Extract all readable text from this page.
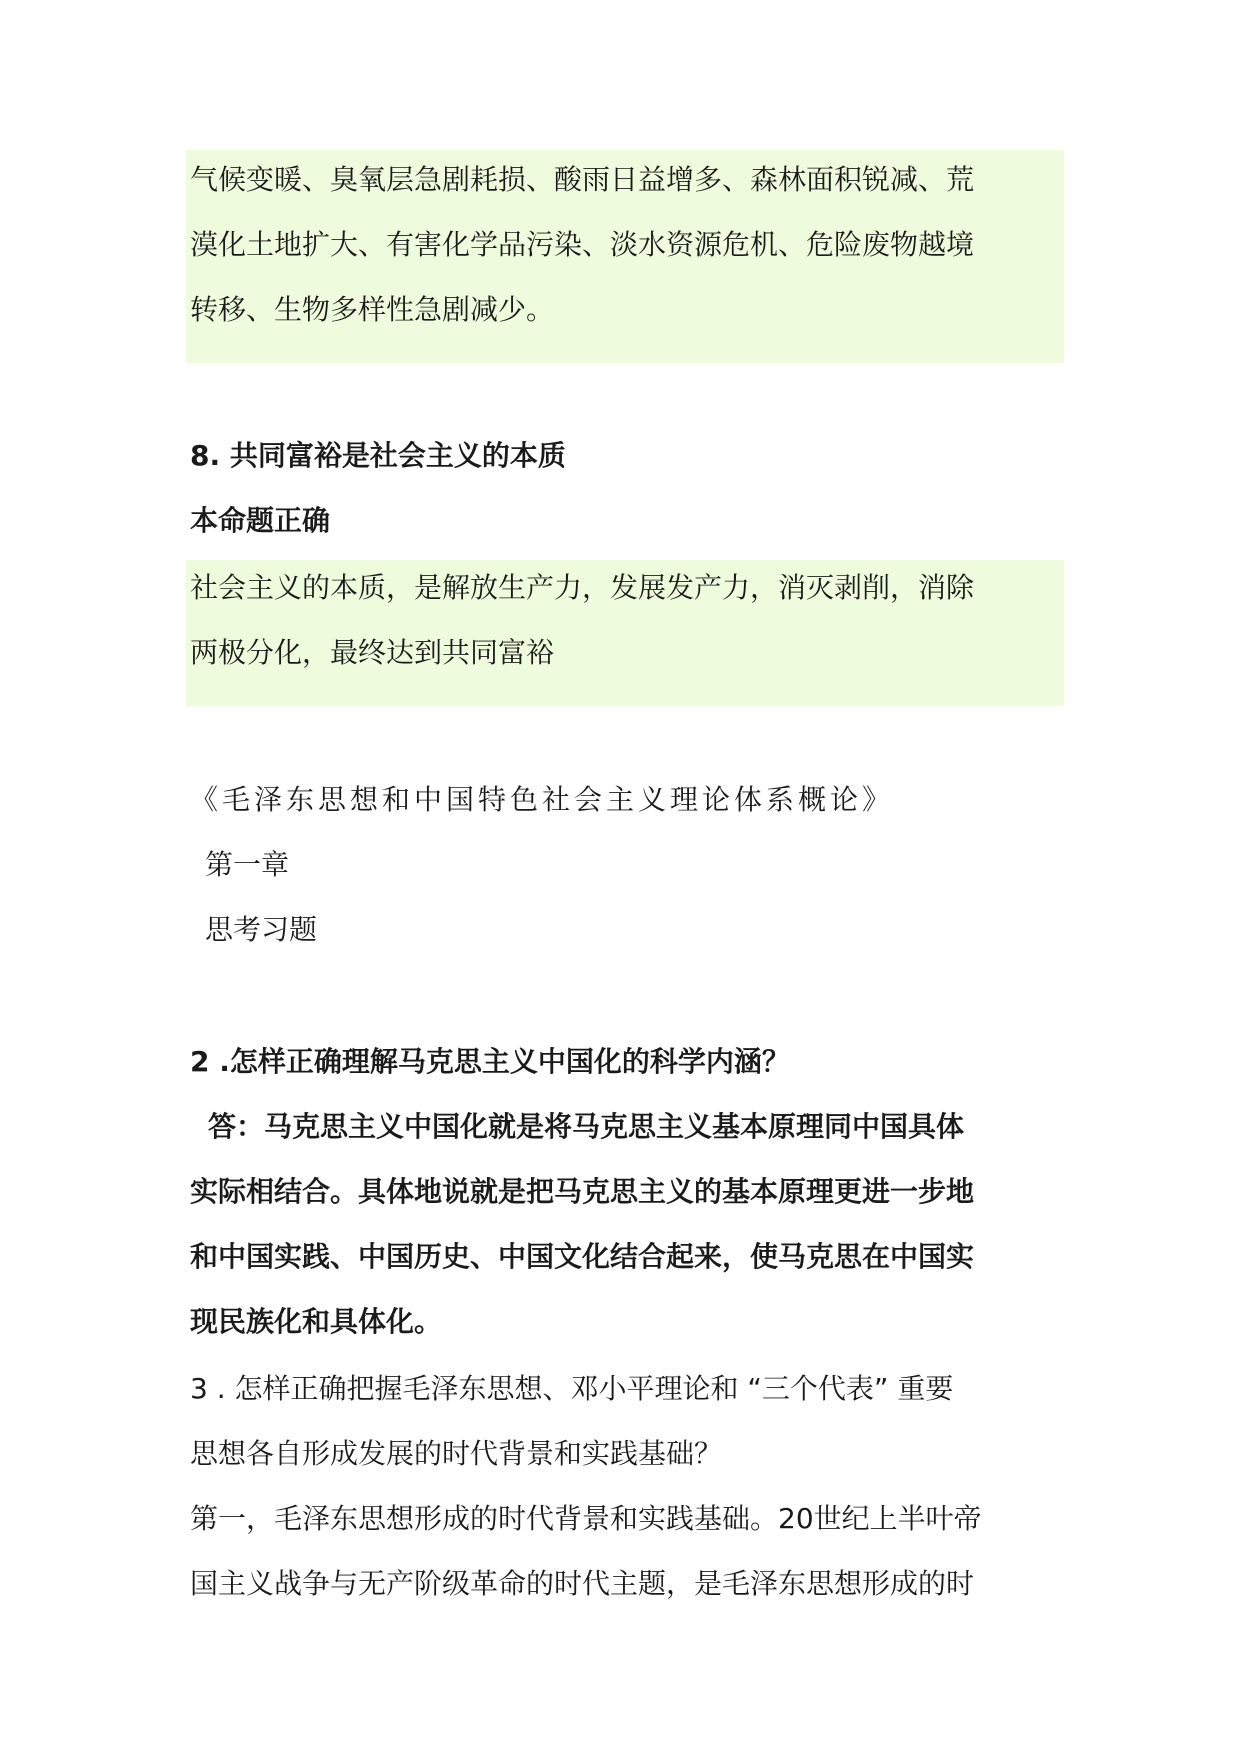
气候变暖、臭氧层急剧耗损、酸雨日益增多、森林面积锐减、荒
漠化土地扩大、有害化学品污染、淡水资源危机、危险废物越境
转移、生物多样性急剧减少。
8. 共同富裕是社会主义的本质
本命题正确
社会主义的本质，是解放生产力，发展发产力，消灭剥削，消除
两极分化，最终达到共同富裕
《毛泽东思想和中国特色社会主义理论体系概论》
第一章
思考习题
2 .怎样正确理解马克思主义中国化的科学内涵？
答：马克思主义中国化就是将马克思主义基本原理同中国具体
实际相结合。具体地说就是把马克思主义的基本原理更进一步地
和中国实践、中国历史、中国文化结合起来，使马克思在中国实
现民族化和具体化。
3 . 怎样正确把握毛泽东思想、邓小平理论和 “三个代表” 重要
思想各自形成发展的时代背景和实践基础？
第一，毛泽东思想形成的时代背景和实践基础。20世纪上半叶帝
国主义战争与无产阶级革命的时代主题，是毛泽东思想形成的时
